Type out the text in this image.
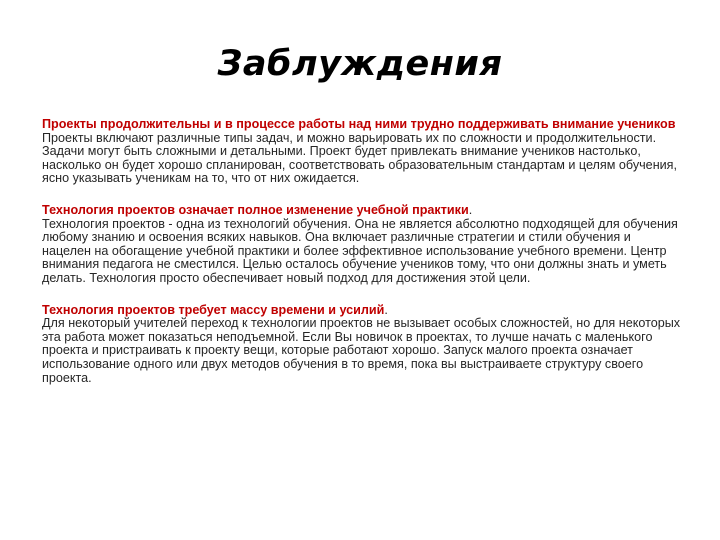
Заблуждения
Проекты продолжительны и в процессе работы над ними трудно поддерживать внимание учеников
Проекты включают различные типы задач, и можно варьировать их по сложности и продолжительности. Задачи могут быть сложными и детальными. Проект будет привлекать внимание учеников настолько, насколько он будет хорошо спланирован, соответствовать образовательным стандартам и целям обучения, ясно указывать ученикам на то, что от них ожидается.
Технология проектов означает полное изменение учебной практики.
Технология проектов - одна из технологий обучения. Она не является абсолютно подходящей для обучения любому знанию и освоения всяких навыков. Она включает различные стратегии и стили обучения и нацелен на обогащение учебной практики и более эффективное использование учебного времени. Центр внимания педагога не сместился. Целью осталось обучение учеников тому, что они должны знать и уметь делать. Технология просто обеспечивает новый подход для достижения этой цели.
Технология проектов требует массу времени и усилий.
Для некоторый учителей переход к технологии проектов не вызывает особых сложностей, но для некоторых эта работа может показаться неподъемной. Если Вы новичок в проектах, то лучше начать с маленького проекта и пристраивать к проекту вещи, которые работают хорошо. Запуск малого проекта означает использование одного или двух методов обучения в то время, пока вы выстраиваете структуру своего проекта.
